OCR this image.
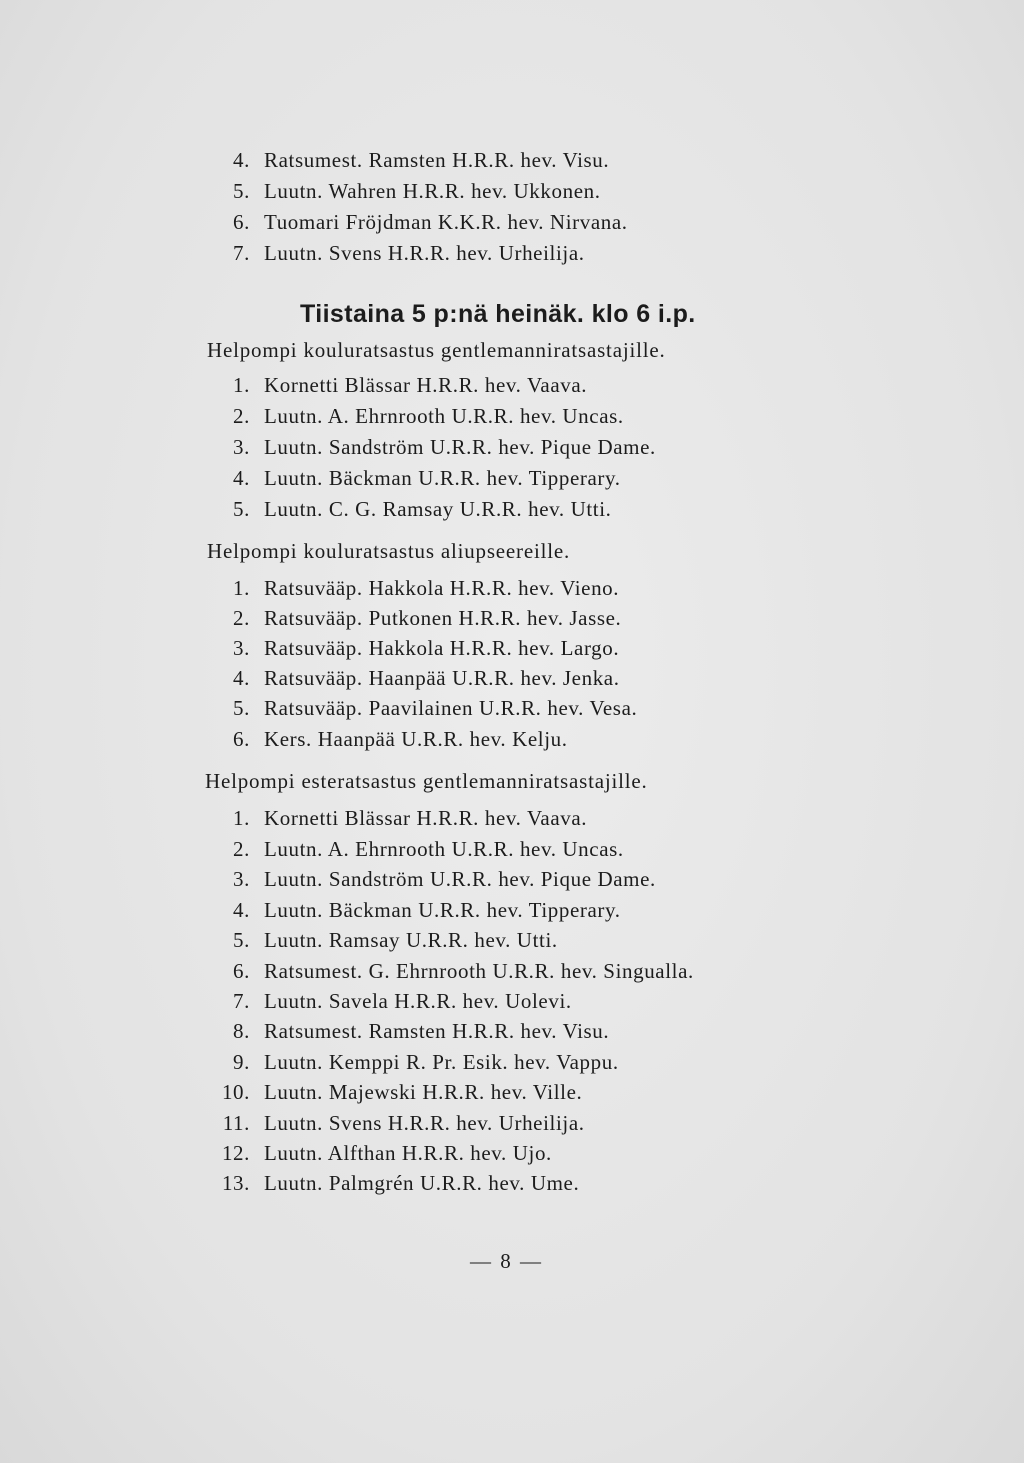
4. Ratsumest. Ramsten H.R.R. hev. Visu.
5. Luutn. Wahren H.R.R. hev. Ukkonen.
6. Tuomari Fröjdman K.K.R. hev. Nirvana.
7. Luutn. Svens H.R.R. hev. Urheilija.
Tiistaina 5 p:nä heinäk. klo 6 i.p.
Helpompi kouluratsastus gentlemanniratsastajille.
1. Kornetti Blässar H.R.R. hev. Vaava.
2. Luutn. A. Ehrnrooth U.R.R. hev. Uncas.
3. Luutn. Sandström U.R.R. hev. Pique Dame.
4. Luutn. Bäckman U.R.R. hev. Tipperary.
5. Luutn. C. G. Ramsay U.R.R. hev. Utti.
Helpompi kouluratsastus aliupseereille.
1. Ratsuvääp. Hakkola H.R.R. hev. Vieno.
2. Ratsuvääp. Putkonen H.R.R. hev. Jasse.
3. Ratsuvääp. Hakkola H.R.R. hev. Largo.
4. Ratsuvääp. Haanpää U.R.R. hev. Jenka.
5. Ratsuvääp. Paavilainen U.R.R. hev. Vesa.
6. Kers. Haanpää U.R.R. hev. Kelju.
Helpompi esteratsastus gentlemanniratsastajille.
1. Kornetti Blässar H.R.R. hev. Vaava.
2. Luutn. A. Ehrnrooth U.R.R. hev. Uncas.
3. Luutn. Sandström U.R.R. hev. Pique Dame.
4. Luutn. Bäckman U.R.R. hev. Tipperary.
5. Luutn. Ramsay U.R.R. hev. Utti.
6. Ratsumest. G. Ehrnrooth U.R.R. hev. Singualla.
7. Luutn. Savela H.R.R. hev. Uolevi.
8. Ratsumest. Ramsten H.R.R. hev. Visu.
9. Luutn. Kemppi R. Pr. Esik. hev. Vappu.
10. Luutn. Majewski H.R.R. hev. Ville.
11. Luutn. Svens H.R.R. hev. Urheilija.
12. Luutn. Alfthan H.R.R. hev. Ujo.
13. Luutn. Palmgrén U.R.R. hev. Ume.
— 8 —
